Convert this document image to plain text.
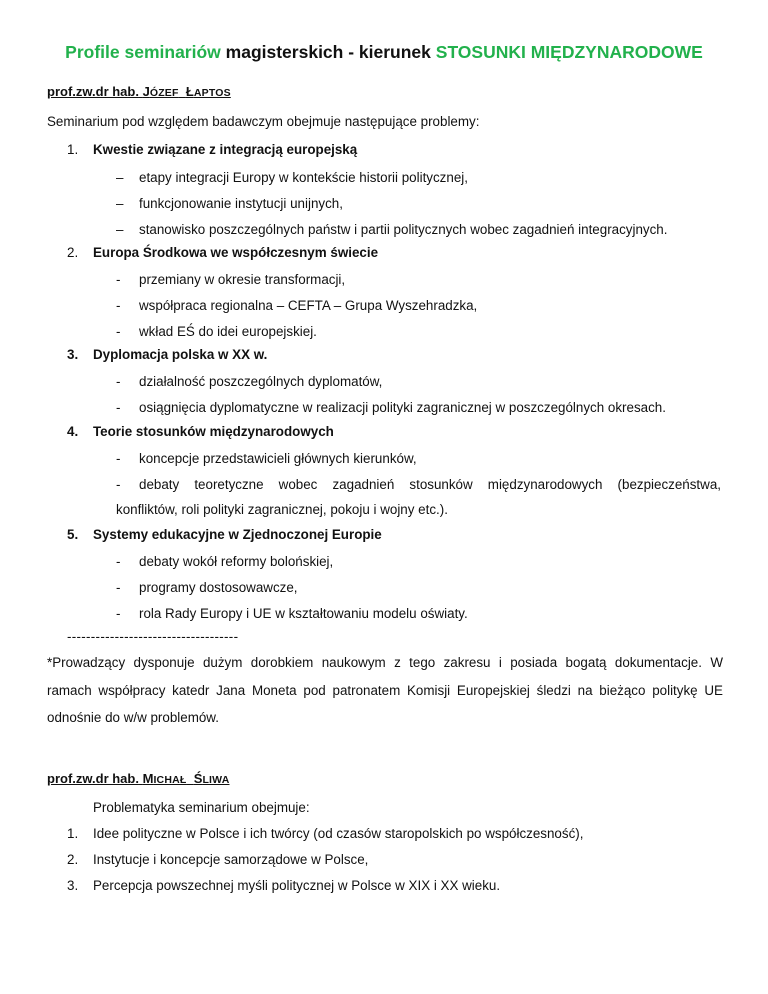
Profile seminariów magisterskich - kierunek STOSUNKI MIĘDZYNARODOWE
prof.zw.dr hab. JÓZEF ŁAPTOS
Seminarium pod względem badawczym obejmuje następujące problemy:
1. Kwestie związane z integracją europejską
– etapy integracji Europy w kontekście historii politycznej,
– funkcjonowanie instytucji unijnych,
– stanowisko poszczególnych państw i partii politycznych wobec zagadnień integracyjnych.
2. Europa Środkowa we współczesnym świecie
- przemiany w okresie transformacji,
- współpraca regionalna – CEFTA – Grupa Wyszehradzka,
- wkład EŚ do idei europejskiej.
3. Dyplomacja polska w XX w.
- działalność poszczególnych dyplomatów,
- osiągnięcia dyplomatyczne w realizacji polityki zagranicznej w poszczególnych okresach.
4. Teorie stosunków międzynarodowych
- koncepcje przedstawicieli głównych kierunków,
- debaty teoretyczne wobec zagadnień stosunków międzynarodowych (bezpieczeństwa,
konfliktów, roli polityki zagranicznej, pokoju i wojny etc.).
5. Systemy edukacyjne w Zjednoczonej Europie
- debaty wokół reformy bolońskiej,
- programy dostosowawcze,
- rola Rady Europy i UE w kształtowaniu modelu oświaty.
------------------------------------
*Prowadzący dysponuje dużym dorobkiem naukowym z tego zakresu i posiada bogatą dokumentacje. W
ramach współpracy katedr Jana Moneta pod patronatem Komisji Europejskiej śledzi na bieżąco politykę UE
odnośnie do w/w problemów.
prof.zw.dr hab. MICHAŁ ŚLIWA
Problematyka seminarium obejmuje:
1. Idee polityczne w Polsce i ich twórcy (od czasów staropolskich po współczesność),
2. Instytucje i koncepcje samorządowe w Polsce,
3. Percepcja powszechnej myśli politycznej w Polsce w XIX i XX wieku.
